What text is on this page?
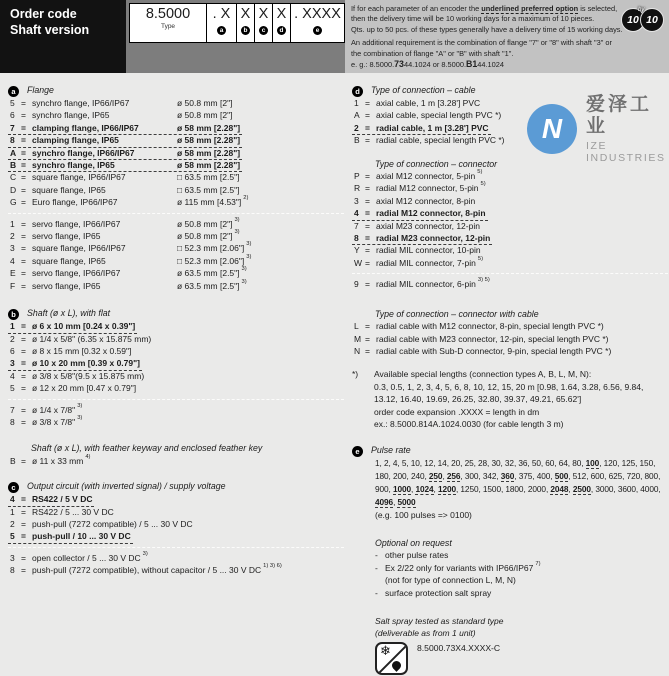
Order code
Shaft version
8.5000
Type
. X
a
X
b
X
c
X
d
. XXXX
e

If for each parameter of an encoder the underlined preferred option is selected,
then the delivery time will be 10 working days for a maximum of 10 pieces.
Qts. up to 50 pcs. of these types generally have a delivery time of 15 working days.

An additional requirement is the combination of flange "7" or "8" with shaft "3" or
the combination of flange "A" or "B" with shaft "1".
e. g.: 8.5000.7344.1024 or 8.5000.B144.1024

10
by
10
N
爱泽工业
IZE INDUSTRIES
a Flange
5 = synchro flange, IP66/IP67	ø 50.8 mm [2"]
6 = synchro flange, IP65	ø 50.8 mm [2"]
7 = clamping flange, IP66/IP67	ø 58 mm [2.28"]
8 = clamping flange, IP65	ø 58 mm [2.28"]
A = synchro flange, IP66/IP67	ø 58 mm [2.28"]
B = synchro flange, IP65	ø 58 mm [2.28"]
C = square flange, IP66/IP67	□ 63.5 mm [2.5"]
D = square flange, IP65	□ 63.5 mm [2.5"]
G = Euro flange, IP66/IP67	ø 115 mm [4.53"] 2)
1 = servo flange, IP66/IP67	ø 50.8 mm [2"] 3)
2 = servo flange, IP65	ø 50.8 mm [2"] 3)
3 = square flange, IP66/IP67	□ 52.3 mm [2.06"] 3)
4 = square flange, IP65	□ 52.3 mm [2.06"] 3)
E = servo flange, IP66/IP67	ø 63.5 mm [2.5"] 3)
F = servo flange, IP65	ø 63.5 mm [2.5"] 3)
b Shaft (ø x L), with flat
1 = ø 6 x 10 mm [0.24 x 0.39"]
2 = ø 1/4 x 5/8" (6.35 x 15.875 mm)
6 = ø 8 x 15 mm [0.32 x 0.59"]
3 = ø 10 x 20 mm [0.39 x 0.79"]
4 = ø 3/8 x 5/8"(9.5 x 15.875 mm)
5 = ø 12 x 20 mm [0.47 x 0.79"]
7 = ø 1/4 x 7/8" 3)
8 = ø 3/8 x 7/8" 3)
Shaft (ø x L), with feather keyway and enclosed feather key
B = ø 11 x 33 mm 4)
c Output circuit (with inverted signal) / supply voltage
4 = RS422 / 5 V DC
1 = RS422 / 5 ... 30 V DC
2 = push-pull (7272 compatible) / 5 ... 30 V DC
5 = push-pull / 10 ... 30 V DC
3 = open collector / 5 ... 30 V DC 3)
8 = push-pull (7272 compatible), without capacitor / 5 ... 30 V DC 1) 3) 6)
d Type of connection – cable
1 = axial cable, 1 m [3.28'] PVC
A = axial cable, special length PVC *)
2 = radial cable, 1 m [3.28'] PVC
B = radial cable, special length PVC *)
Type of connection – connector
P = axial M12 connector, 5-pin 5)
R = radial M12 connector, 5-pin 5)
3 = axial M12 connector, 8-pin
4 = radial M12 connector, 8-pin
7 = axial M23 connector, 12-pin
8 = radial M23 connector, 12-pin
Y = radial MIL connector, 10-pin
W = radial MIL connector, 7-pin 5)
9 = radial MIL connector, 6-pin 3) 5)
Type of connection – connector with cable
L = radial cable with M12 connector, 8-pin, special length PVC *)
M = radial cable with M23 connector, 12-pin, special length PVC *)
N = radial cable with Sub-D connector, 9-pin, special length PVC *)
*)	Available special lengths (connection types A, B, L, M, N):
0.3, 0.5, 1, 2, 3, 4, 5, 6, 8, 10, 12, 15, 20 m [0.98, 1.64, 3.28, 6.56, 9.84,
13.12, 16.40, 19.69, 26.25, 32.80, 39.37, 49.21, 65.62']
order code expansion .XXXX = length in dm
ex.: 8.5000.814A.1024.0030 (for cable length 3 m)
e Pulse rate
1, 2, 4, 5, 10, 12, 14, 20, 25, 28, 30, 32, 36, 50, 60, 64, 80, 100, 120, 125, 150, 180, 200, 240, 250, 256, 300, 342, 360, 375, 400, 500, 512, 600, 625, 720, 800, 900, 1000, 1024, 1200, 1250, 1500, 1800, 2000, 2048, 2500, 3000, 3600, 4000, 4096, 5000
(e.g. 100 pulses => 0100)
Optional on request
- other pulse rates
- Ex 2/22 only for variants with IP66/IP67 7)
(not for type of connection L, M, N)
- surface protection salt spray
Salt spray tested as standard type
(deliverable as from 1 unit)
❄	8.5000.73X4.XXXX-C
